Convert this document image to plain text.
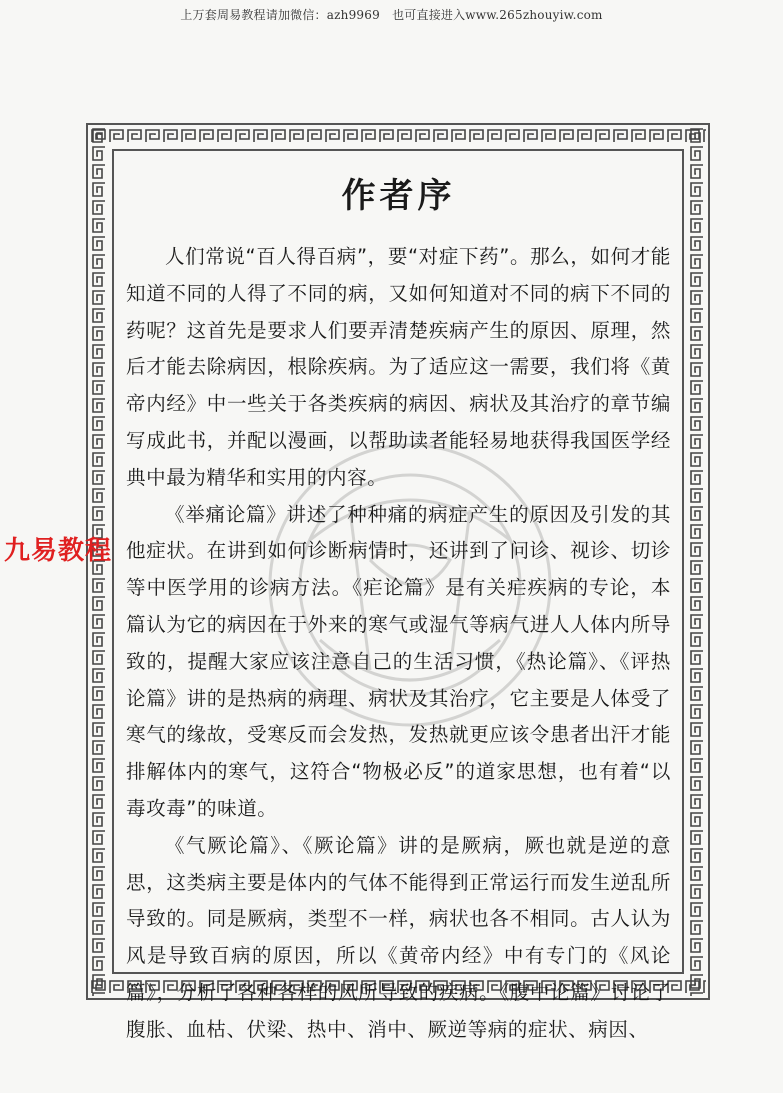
上万套周易教程请加微信：azh9969　也可直接进入www.265zhouyiw.com
作者序

人们常说“百人得百病”，要“对症下药”。那么，如何才能知道不同的人得了不同的病，又如何知道对不同的病下不同的药呢？这首先是要求人们要弄清楚疾病产生的原因、原理，然后才能去除病因，根除疾病。为了适应这一需要，我们将《黄帝内经》中一些关于各类疾病的病因、病状及其治疗的章节编写成此书，并配以漫画，以帮助读者能轻易地获得我国医学经典中最为精华和实用的内容。

《举痛论篇》讲述了种种痛的病症产生的原因及引发的其他症状。在讲到如何诊断病情时，还讲到了问诊、视诊、切诊等中医学用的诊病方法。《疟论篇》是有关疟疾病的专论，本篇认为它的病因在于外来的寒气或湿气等病气进人人体内所导致的，提醒大家应该注意自己的生活习惯，《热论篇》、《评热论篇》讲的是热病的病理、病状及其治疗，它主要是人体受了寒气的缘故，受寒反而会发热，发热就更应该令患者出汗才能排解体内的寒气，这符合“物极必反”的道家思想，也有着“以毒攻毒”的味道。

《气厥论篇》、《厥论篇》讲的是厥病，厥也就是逆的意思，这类病主要是体内的气体不能得到正常运行而发生逆乱所导致的。同是厥病，类型不一样，病状也各不相同。古人认为风是导致百病的原因，所以《黄帝内经》中有专门的《风论篇》，分析了各种各样的风所导致的疾病。《腹中论篇》讨论了腹胀、血枯、伏梁、热中、消中、厥逆等病的症状、病因、

九易教程
